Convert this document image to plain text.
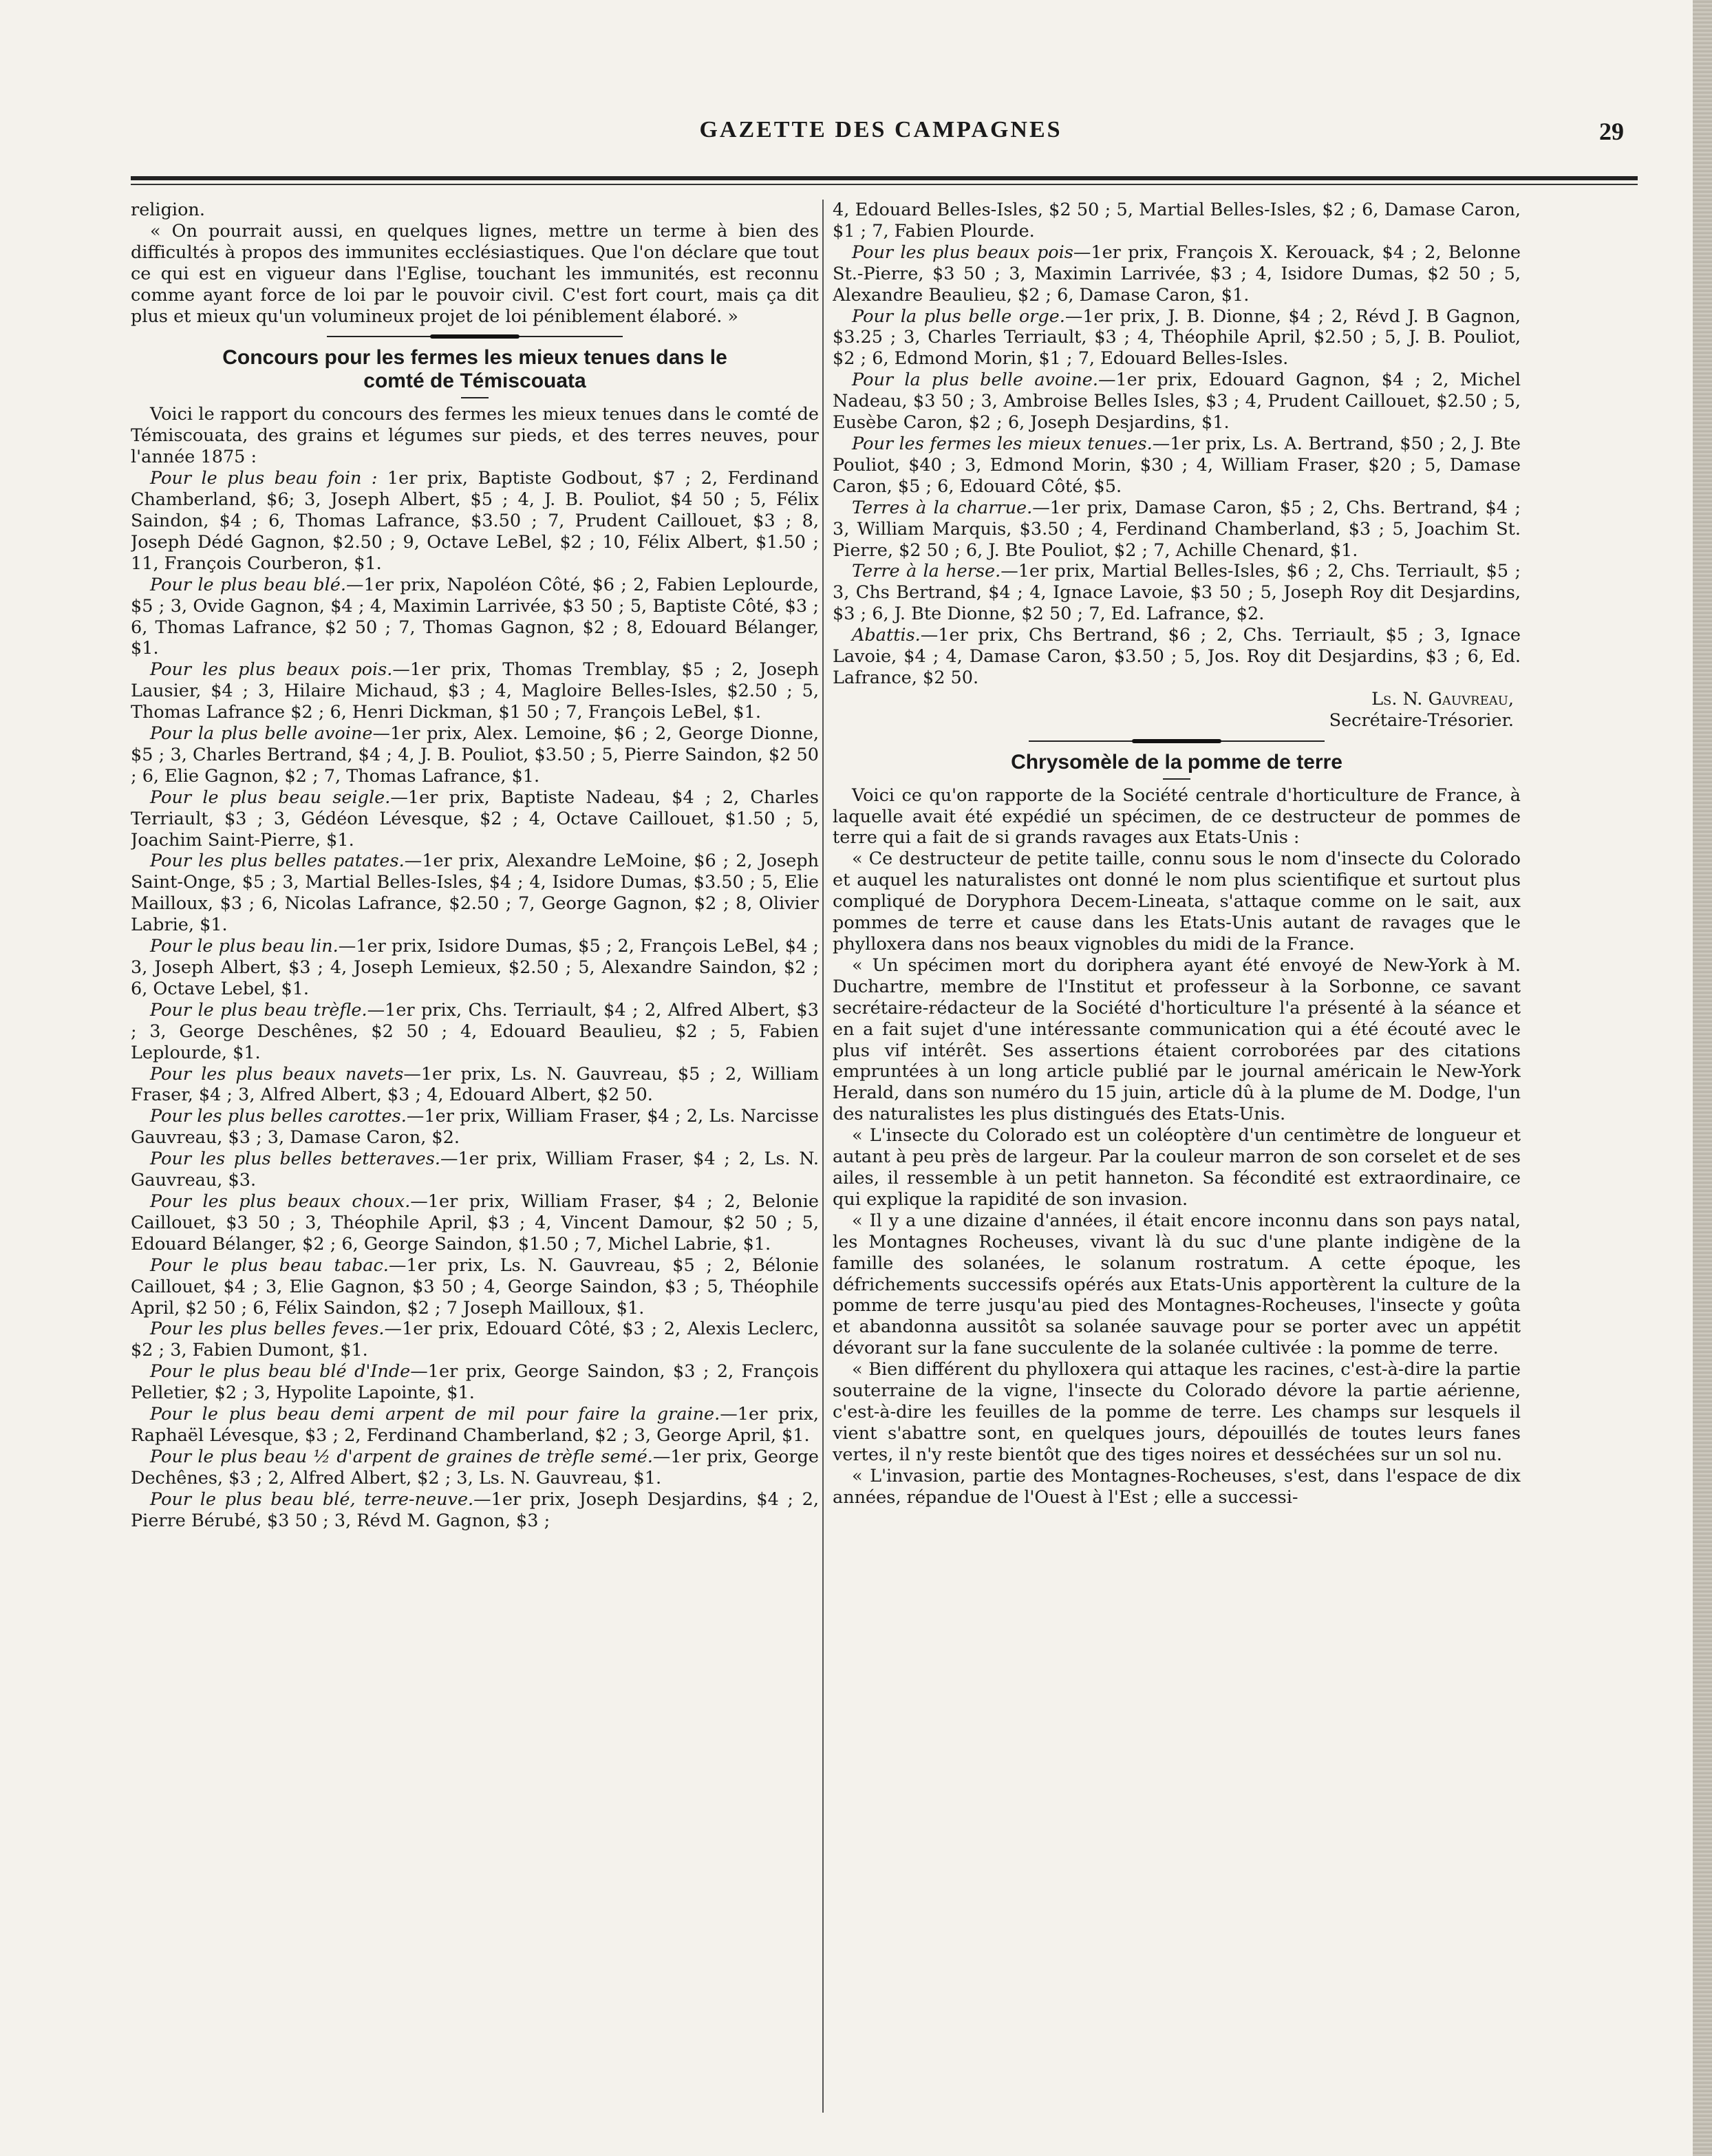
GAZETTE DES CAMPAGNES	29

religion.

« On pourrait aussi, en quelques lignes, mettre un terme à bien des difficultés à propos des immunites ecclésiastiques. Que l'on déclare que tout ce qui est en vigueur dans l'Eglise, touchant les immunités, est reconnu comme ayant force de loi par le pouvoir civil. C'est fort court, mais ça dit plus et mieux qu'un volumineux projet de loi péniblement élaboré. »

Concours pour les fermes les mieux tenues dans le
comté de Témiscouata

Voici le rapport du concours des fermes les mieux tenues dans le comté de Témiscouata, des grains et légumes sur pieds, et des terres neuves, pour l'année 1875 :

Pour le plus beau foin : 1er prix, Baptiste Godbout, $7 ; 2, Ferdinand Chamberland, $6; 3, Joseph Albert, $5 ; 4, J. B. Pouliot, $4 50 ; 5, Félix Saindon, $4 ; 6, Thomas Lafrance, $3.50 ; 7, Prudent Caillouet, $3 ; 8, Joseph Dédé Gagnon, $2.50 ; 9, Octave LeBel, $2 ; 10, Félix Albert, $1.50 ; 11, François Courberon, $1.

Pour le plus beau blé.—1er prix, Napoléon Côté, $6 ; 2, Fabien Leplourde, $5 ; 3, Ovide Gagnon, $4 ; 4, Maximin Larrivée, $3 50 ; 5, Baptiste Côté, $3 ; 6, Thomas Lafrance, $2 50 ; 7, Thomas Gagnon, $2 ; 8, Edouard Bélanger, $1.

Pour les plus beaux pois.—1er prix, Thomas Tremblay, $5 ; 2, Joseph Lausier, $4 ; 3, Hilaire Michaud, $3 ; 4, Magloire Belles-Isles, $2.50 ; 5, Thomas Lafrance $2 ; 6, Henri Dickman, $1 50 ; 7, François LeBel, $1.

Pour la plus belle avoine—1er prix, Alex. Lemoine, $6 ; 2, George Dionne, $5 ; 3, Charles Bertrand, $4 ; 4, J. B. Pouliot, $3.50 ; 5, Pierre Saindon, $2 50 ; 6, Elie Gagnon, $2 ; 7, Thomas Lafrance, $1.

Pour le plus beau seigle.—1er prix, Baptiste Nadeau, $4 ; 2, Charles Terriault, $3 ; 3, Gédéon Lévesque, $2 ; 4, Octave Caillouet, $1.50 ; 5, Joachim Saint-Pierre, $1.

Pour les plus belles patates.—1er prix, Alexandre LeMoine, $6 ; 2, Joseph Saint-Onge, $5 ; 3, Martial Belles-Isles, $4 ; 4, Isidore Dumas, $3.50 ; 5, Elie Mailloux, $3 ; 6, Nicolas Lafrance, $2.50 ; 7, George Gagnon, $2 ; 8, Olivier Labrie, $1.

Pour le plus beau lin.—1er prix, Isidore Dumas, $5 ; 2, François LeBel, $4 ; 3, Joseph Albert, $3 ; 4, Joseph Lemieux, $2.50 ; 5, Alexandre Saindon, $2 ; 6, Octave Lebel, $1.

Pour le plus beau trèfle.—1er prix, Chs. Terriault, $4 ; 2, Alfred Albert, $3 ; 3, George Deschênes, $2 50 ; 4, Edouard Beaulieu, $2 ; 5, Fabien Leplourde, $1.

Pour les plus beaux navets—1er prix, Ls. N. Gauvreau, $5 ; 2, William Fraser, $4 ; 3, Alfred Albert, $3 ; 4, Edouard Albert, $2 50.

Pour les plus belles carottes.—1er prix, William Fraser, $4 ; 2, Ls. Narcisse Gauvreau, $3 ; 3, Damase Caron, $2.

Pour les plus belles betteraves.—1er prix, William Fraser, $4 ; 2, Ls. N. Gauvreau, $3.

Pour les plus beaux choux.—1er prix, William Fraser, $4 ; 2, Belonie Caillouet, $3 50 ; 3, Théophile April, $3 ; 4, Vincent Damour, $2 50 ; 5, Edouard Bélanger, $2 ; 6, George Saindon, $1.50 ; 7, Michel Labrie, $1.

Pour le plus beau tabac.—1er prix, Ls. N. Gauvreau, $5 ; 2, Bélonie Caillouet, $4 ; 3, Elie Gagnon, $3 50 ; 4, George Saindon, $3 ; 5, Théophile April, $2 50 ; 6, Félix Saindon, $2 ; 7 Joseph Mailloux, $1.

Pour les plus belles feves.—1er prix, Edouard Côté, $3 ; 2, Alexis Leclerc, $2 ; 3, Fabien Dumont, $1.

Pour le plus beau blé d'Inde—1er prix, George Saindon, $3 ; 2, François Pelletier, $2 ; 3, Hypolite Lapointe, $1.

Pour le plus beau demi arpent de mil pour faire la graine.—1er prix, Raphaël Lévesque, $3 ; 2, Ferdinand Chamberland, $2 ; 3, George April, $1.

Pour le plus beau ½ d'arpent de graines de trèfle semé.—1er prix, George Dechênes, $3 ; 2, Alfred Albert, $2 ; 3, Ls. N. Gauvreau, $1.

Pour le plus beau blé, terre-neuve.—1er prix, Joseph Desjardins, $4 ; 2, Pierre Bérubé, $3 50 ; 3, Révd M. Gagnon, $3 ;

4, Edouard Belles-Isles, $2 50 ; 5, Martial Belles-Isles, $2 ; 6, Damase Caron, $1 ; 7, Fabien Plourde.

Pour les plus beaux pois—1er prix, François X. Kerouack, $4 ; 2, Belonne St.-Pierre, $3 50 ; 3, Maximin Larrivée, $3 ; 4, Isidore Dumas, $2 50 ; 5, Alexandre Beaulieu, $2 ; 6, Damase Caron, $1.

Pour la plus belle orge.—1er prix, J. B. Dionne, $4 ; 2, Révd J. B Gagnon, $3.25 ; 3, Charles Terriault, $3 ; 4, Théophile April, $2.50 ; 5, J. B. Pouliot, $2 ; 6, Edmond Morin, $1 ; 7, Edouard Belles-Isles.

Pour la plus belle avoine.—1er prix, Edouard Gagnon, $4 ; 2, Michel Nadeau, $3 50 ; 3, Ambroise Belles Isles, $3 ; 4, Prudent Caillouet, $2.50 ; 5, Eusèbe Caron, $2 ; 6, Joseph Desjardins, $1.

Pour les fermes les mieux tenues.—1er prix, Ls. A. Bertrand, $50 ; 2, J. Bte Pouliot, $40 ; 3, Edmond Morin, $30 ; 4, William Fraser, $20 ; 5, Damase Caron, $5 ; 6, Edouard Côté, $5.

Terres à la charrue.—1er prix, Damase Caron, $5 ; 2, Chs. Bertrand, $4 ; 3, William Marquis, $3.50 ; 4, Ferdinand Chamberland, $3 ; 5, Joachim St. Pierre, $2 50 ; 6, J. Bte Pouliot, $2 ; 7, Achille Chenard, $1.

Terre à la herse.—1er prix, Martial Belles-Isles, $6 ; 2, Chs. Terriault, $5 ; 3, Chs Bertrand, $4 ; 4, Ignace Lavoie, $3 50 ; 5, Joseph Roy dit Desjardins, $3 ; 6, J. Bte Dionne, $2 50 ; 7, Ed. Lafrance, $2.

Abattis.—1er prix, Chs Bertrand, $6 ; 2, Chs. Terriault, $5 ; 3, Ignace Lavoie, $4 ; 4, Damase Caron, $3.50 ; 5, Jos. Roy dit Desjardins, $3 ; 6, Ed. Lafrance, $2 50.

Ls. N. Gauvreau,

Secrétaire-Trésorier.

Chrysomèle de la pomme de terre

Voici ce qu'on rapporte de la Société centrale d'horticulture de France, à laquelle avait été expédié un spécimen, de ce destructeur de pommes de terre qui a fait de si grands ravages aux Etats-Unis :

« Ce destructeur de petite taille, connu sous le nom d'insecte du Colorado et auquel les naturalistes ont donné le nom plus scientifique et surtout plus compliqué de Doryphora Decem-Lineata, s'attaque comme on le sait, aux pommes de terre et cause dans les Etats-Unis autant de ravages que le phylloxera dans nos beaux vignobles du midi de la France.

« Un spécimen mort du doriphera ayant été envoyé de New-York à M. Duchartre, membre de l'Institut et professeur à la Sorbonne, ce savant secrétaire-rédacteur de la Société d'horticulture l'a présenté à la séance et en a fait sujet d'une intéressante communication qui a été écouté avec le plus vif intérêt. Ses assertions étaient corroborées par des citations empruntées à un long article publié par le journal américain le New-York Herald, dans son numéro du 15 juin, article dû à la plume de M. Dodge, l'un des naturalistes les plus distingués des Etats-Unis.

« L'insecte du Colorado est un coléoptère d'un centimètre de longueur et autant à peu près de largeur. Par la couleur marron de son corselet et de ses ailes, il ressemble à un petit hanneton. Sa fécondité est extraordinaire, ce qui explique la rapidité de son invasion.

« Il y a une dizaine d'années, il était encore inconnu dans son pays natal, les Montagnes Rocheuses, vivant là du suc d'une plante indigène de la famille des solanées, le solanum rostratum. A cette époque, les défrichements successifs opérés aux Etats-Unis apportèrent la culture de la pomme de terre jusqu'au pied des Montagnes-Rocheuses, l'insecte y goûta et abandonna aussitôt sa solanée sauvage pour se porter avec un appétit dévorant sur la fane succulente de la solanée cultivée : la pomme de terre.

« Bien différent du phylloxera qui attaque les racines, c'est-à-dire la partie souterraine de la vigne, l'insecte du Colorado dévore la partie aérienne, c'est-à-dire les feuilles de la pomme de terre. Les champs sur lesquels il vient s'abattre sont, en quelques jours, dépouillés de toutes leurs fanes vertes, il n'y reste bientôt que des tiges noires et desséchées sur un sol nu.

« L'invasion, partie des Montagnes-Rocheuses, s'est, dans l'espace de dix années, répandue de l'Ouest à l'Est ; elle a successi-
